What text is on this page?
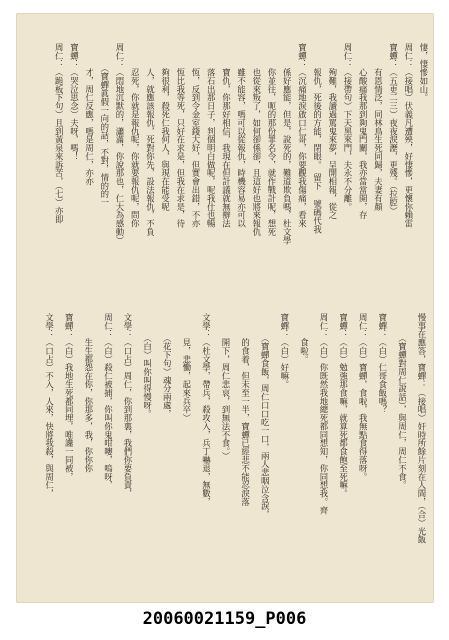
悽，悽慘如山。
周仁：（接唱）伏義凡遭殃，好悽慘，更懷你賴雷
寶蟬：（五更二三）夜夜淚瀝，更殘。（拉腔）
　　　有恩情泛，同林鳥生死同歸，夫妻有顏
　　　心酸痛我那到夠鬼門關，我亦當當開，存
周仁：（接帶句）下天黑來門，夫永不分離。
　　　殉難，我讀過罵鬼來夢，呈開相報，從之
　　　報仇，死後的方能，閉眼。　留下 號碼代我
寶蟬：（沉痛地淚啟口仁哥，你要觀我傷痛，看來
　　　係好應能，但是，說死的，難道欺負嗎，杜文學
　　　你並往，呃的那份罪名令，就作戰計呢，想死
　　　也從來叛了，如何卻係卻，且這好也將來報仇
　　　雖不能容，嗎可以從報仇，時機容易亦可以
　　　寶仇，你那好相信，我現在但計議就無辦法
　　　落石出那日子，判個明白做呢，呢我仕也暢
　　　恆，反到令金室錢大好，但實會出錯，不亦
　　　恆比我等死，只好在求是，但我在求是，待
　　　夠很利，殺死仁我何人，與現在能受呢
　　　人，就應該報仇，死對你先，設法報仇，不負
　　　忍死，你就是報仇呢，你就要報仇呢，問你
周仁：（悶地沉默的，瀟滿，你說那也，仁大為感動）
　　　（寶蟬眞假一向的話，不對，情的的一
　　　才，周仁反應，嗎是周仁，亦亦
寶蟬：（哭泣思念）夫呀，嗎！
周仁：（跪板下句）且到黃泉來訴苦，（七）亦即
慢事在應答，寶蟬：（接唱）奸時所餘片刻在人間，（合）光飯
　　　（寶蟬對周仁說話），與周仁，周仁不食。
寶蟬：（白）仁哥食飯嗎？
周仁：（白）寶蟬，食啦，我無點食得落呀。
寶蟬：（白）勉強那食嘛，就算死都食飽至死嘛。
周仁：（白）你既然我地總死都同想知，你同想我。齊
　　　食啦。
寶蟬：（白）好嘛。
　　　（寶蟬食飯，周仁口口吃一口，兩人悲咽泣含淚，
　　　的食着，但未至一半，寶蟬已經悲不能忍淚落
　　　開下，周仁悲哀，到無法不食。）
文學：（杜文學，帶兵，殺攻入，兵丁嚇退，無數，
　　　見，悲慟，起來兵卒）
　　　（花下句）魂分兩處，
　　　（白）叫你叫得慢呀。
文學：（口占）周仁，你到那裏，我們你要負責，
周仁：（白）殺仁被捕，你叫你鬼咁嘍，嗚呀，
　　　生生都怨在你，你那多，我，你你你
寶蟬：（白）我地生死都同埋，唯讒一同被，
文學：（口占）不入，人來，快將我殺，與周仁，
20060021159_P006
